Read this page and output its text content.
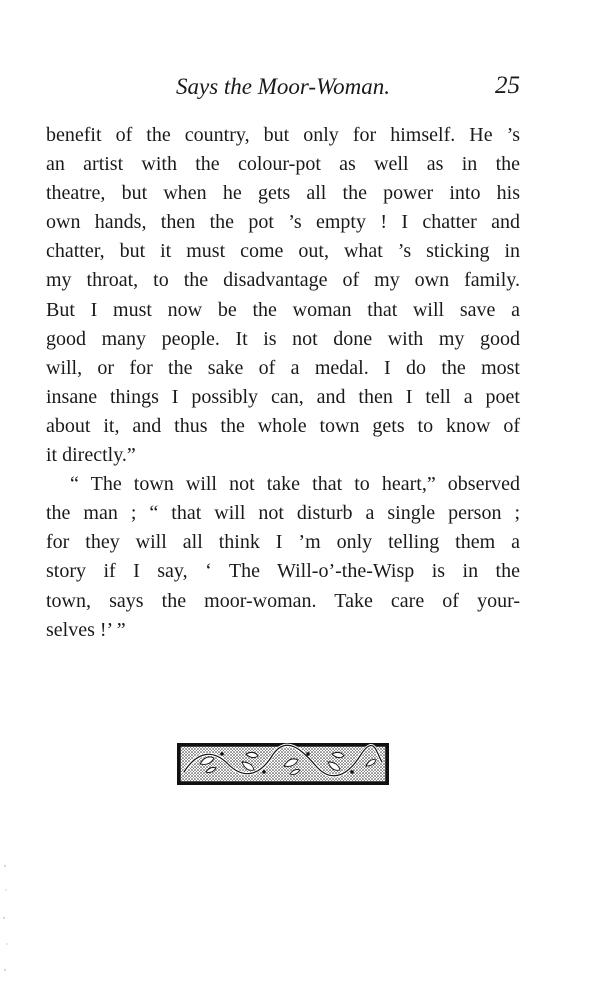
Says the Moor-Woman.	25
benefit of the country, but only for himself. He ’s
an artist with the colour-pot as well as in the
theatre, but when he gets all the power into his
own hands, then the pot ’s empty ! I chatter and
chatter, but it must come out, what ’s sticking in
my throat, to the disadvantage of my own family.
But I must now be the woman that will save a
good many people. It is not done with my good
will, or for the sake of a medal. I do the most
insane things I possibly can, and then I tell a poet
about it, and thus the whole town gets to know of
it directly.”
“ The town will not take that to heart,” observed
the man ; “ that will not disturb a single person ;
for they will all think I ’m only telling them a
story if I say, ‘ The Will-o’-the-Wisp is in the
town, says the moor-woman. Take care of your-
selves !’ ”
